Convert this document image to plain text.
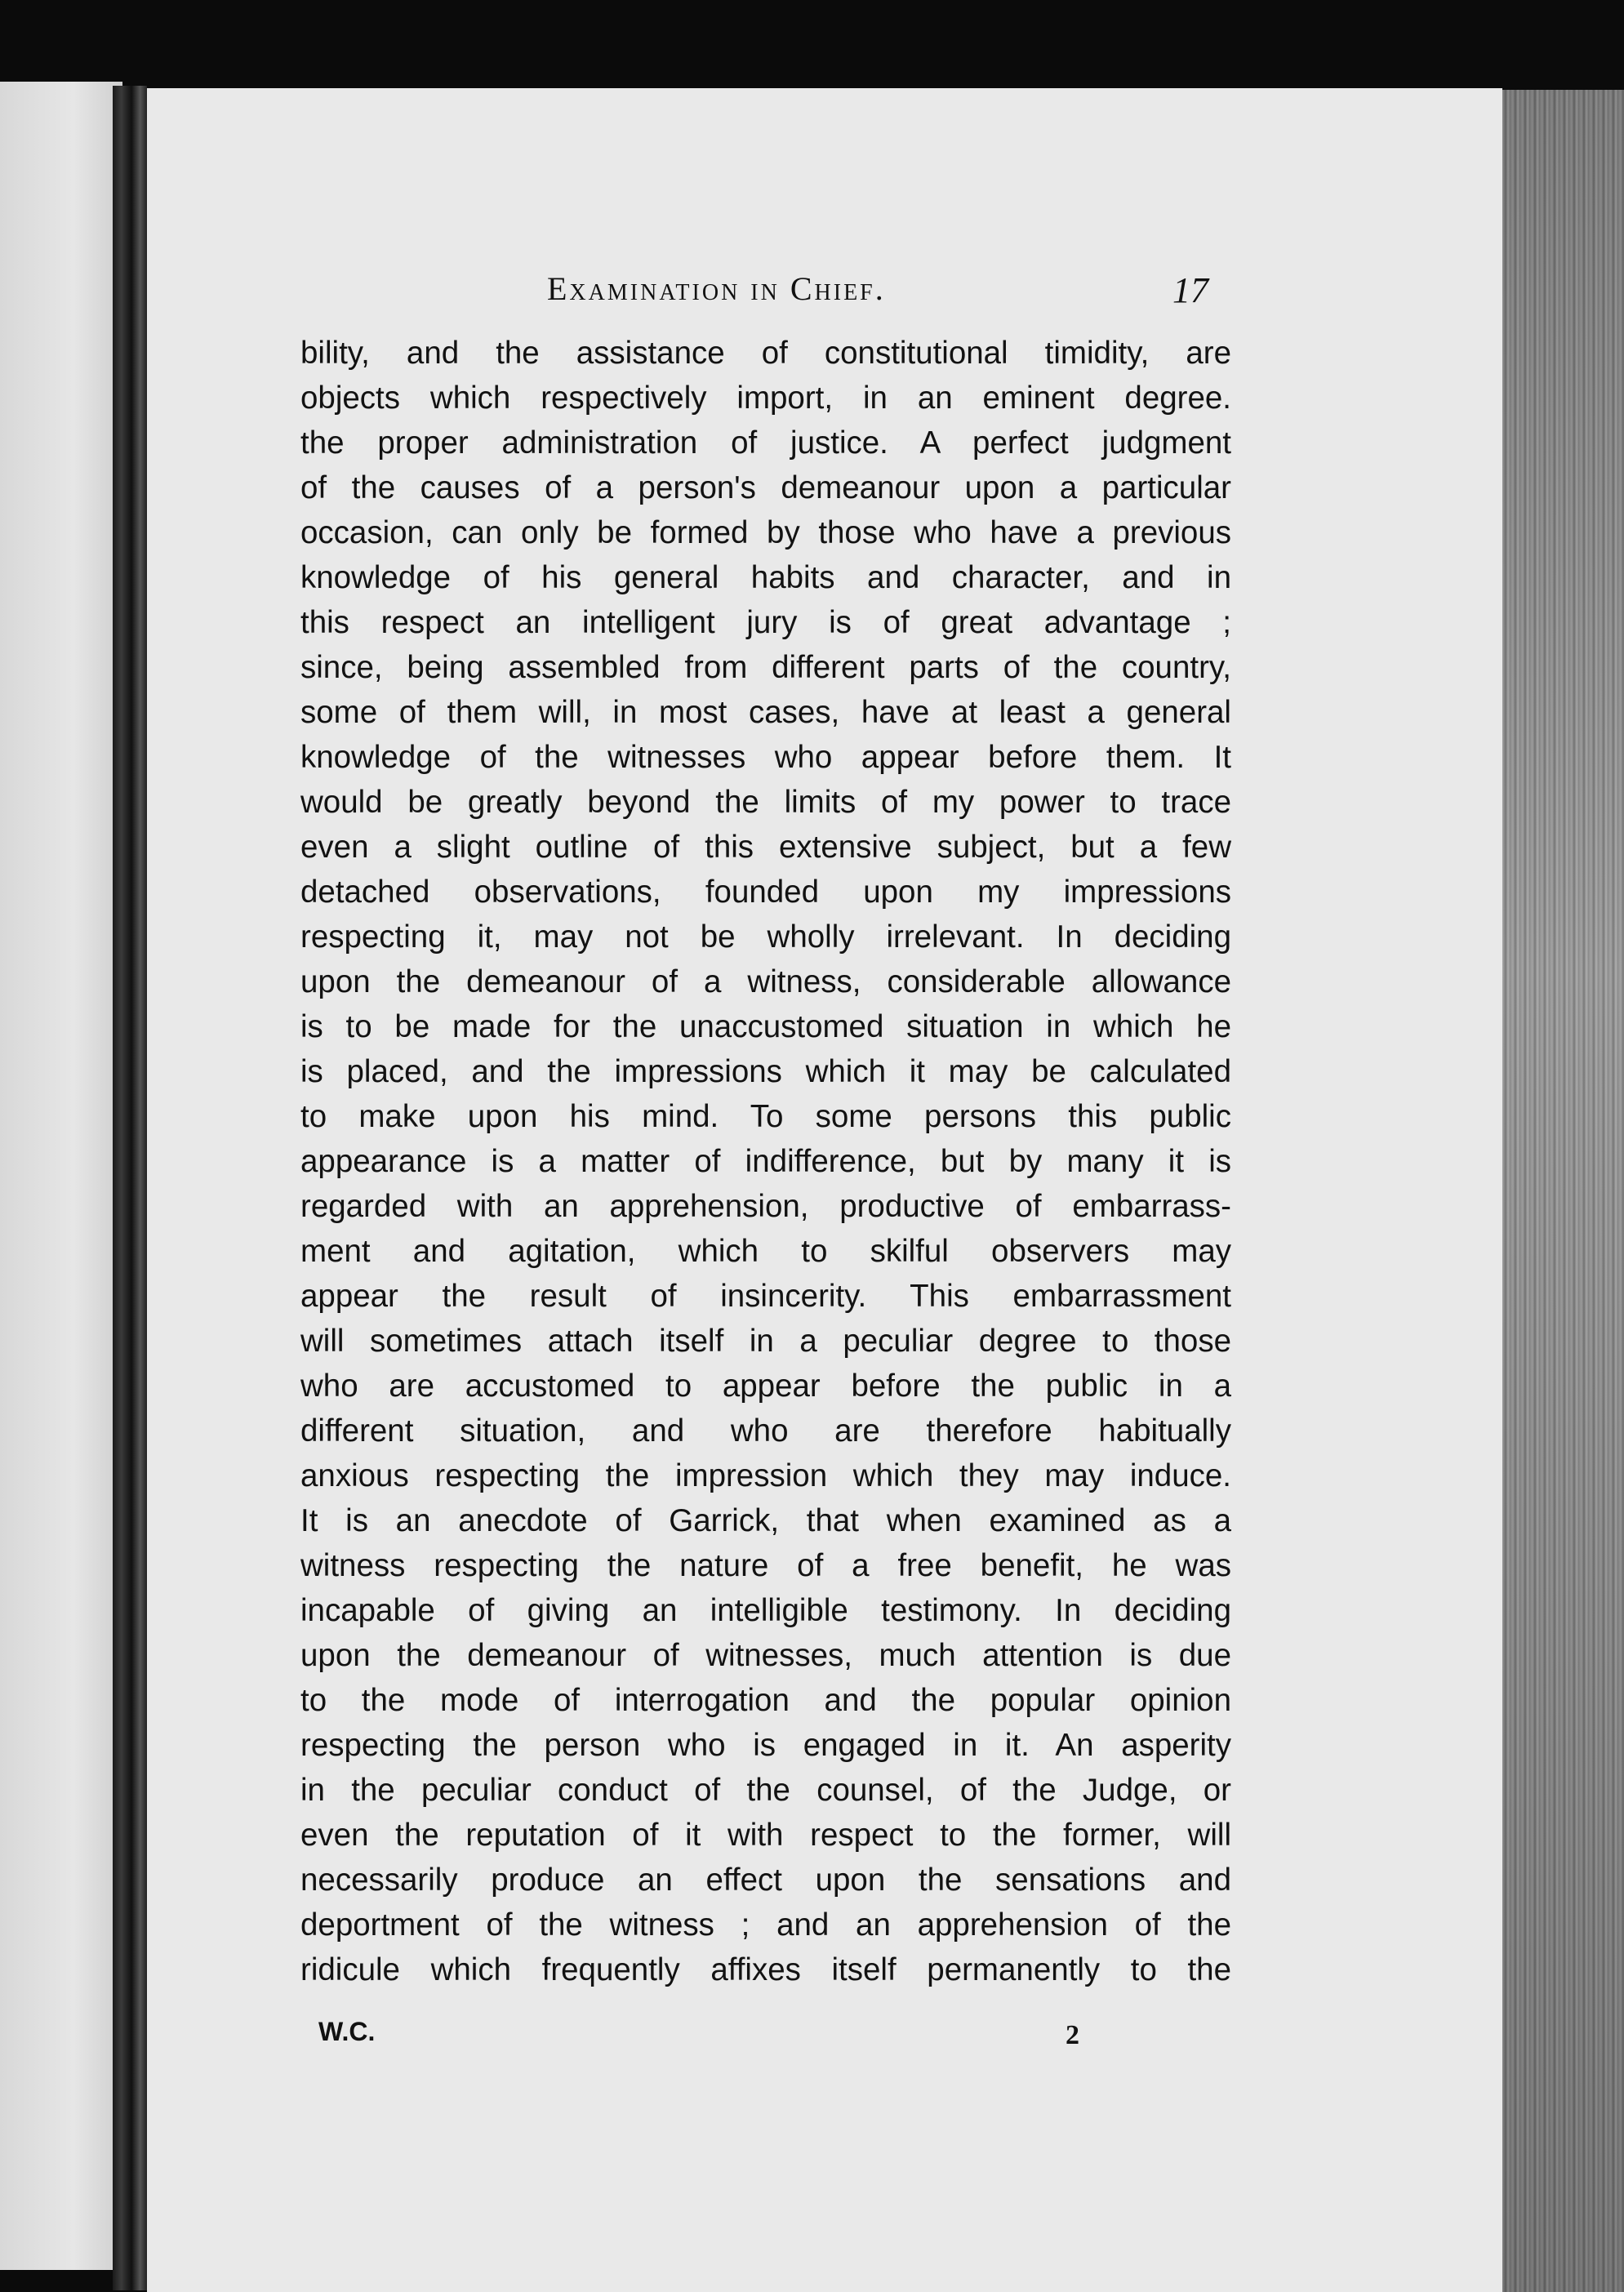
Examination in Chief.	17
bility, and the assistance of constitutional timidity, are
objects which respectively import, in an eminent degree.
the proper administration of justice. A perfect judgment
of the causes of a person's demeanour upon a particular
occasion, can only be formed by those who have a previous
knowledge of his general habits and character, and in
this respect an intelligent jury is of great advantage ;
since, being assembled from different parts of the country,
some of them will, in most cases, have at least a general
knowledge of the witnesses who appear before them. It
would be greatly beyond the limits of my power to trace
even a slight outline of this extensive subject, but a few
detached observations, founded upon my impressions
respecting it, may not be wholly irrelevant. In deciding
upon the demeanour of a witness, considerable allowance
is to be made for the unaccustomed situation in which he
is placed, and the impressions which it may be calculated
to make upon his mind. To some persons this public
appearance is a matter of indifference, but by many it is
regarded with an apprehension, productive of embarrass-
ment and agitation, which to skilful observers may
appear the result of insincerity. This embarrassment
will sometimes attach itself in a peculiar degree to those
who are accustomed to appear before the public in a
different situation, and who are therefore habitually
anxious respecting the impression which they may induce.
It is an anecdote of Garrick, that when examined as a
witness respecting the nature of a free benefit, he was
incapable of giving an intelligible testimony. In deciding
upon the demeanour of witnesses, much attention is due
to the mode of interrogation and the popular opinion
respecting the person who is engaged in it. An asperity
in the peculiar conduct of the counsel, of the Judge, or
even the reputation of it with respect to the former, will
necessarily produce an effect upon the sensations and
deportment of the witness ; and an apprehension of the
ridicule which frequently affixes itself permanently to the
W.C.	2
